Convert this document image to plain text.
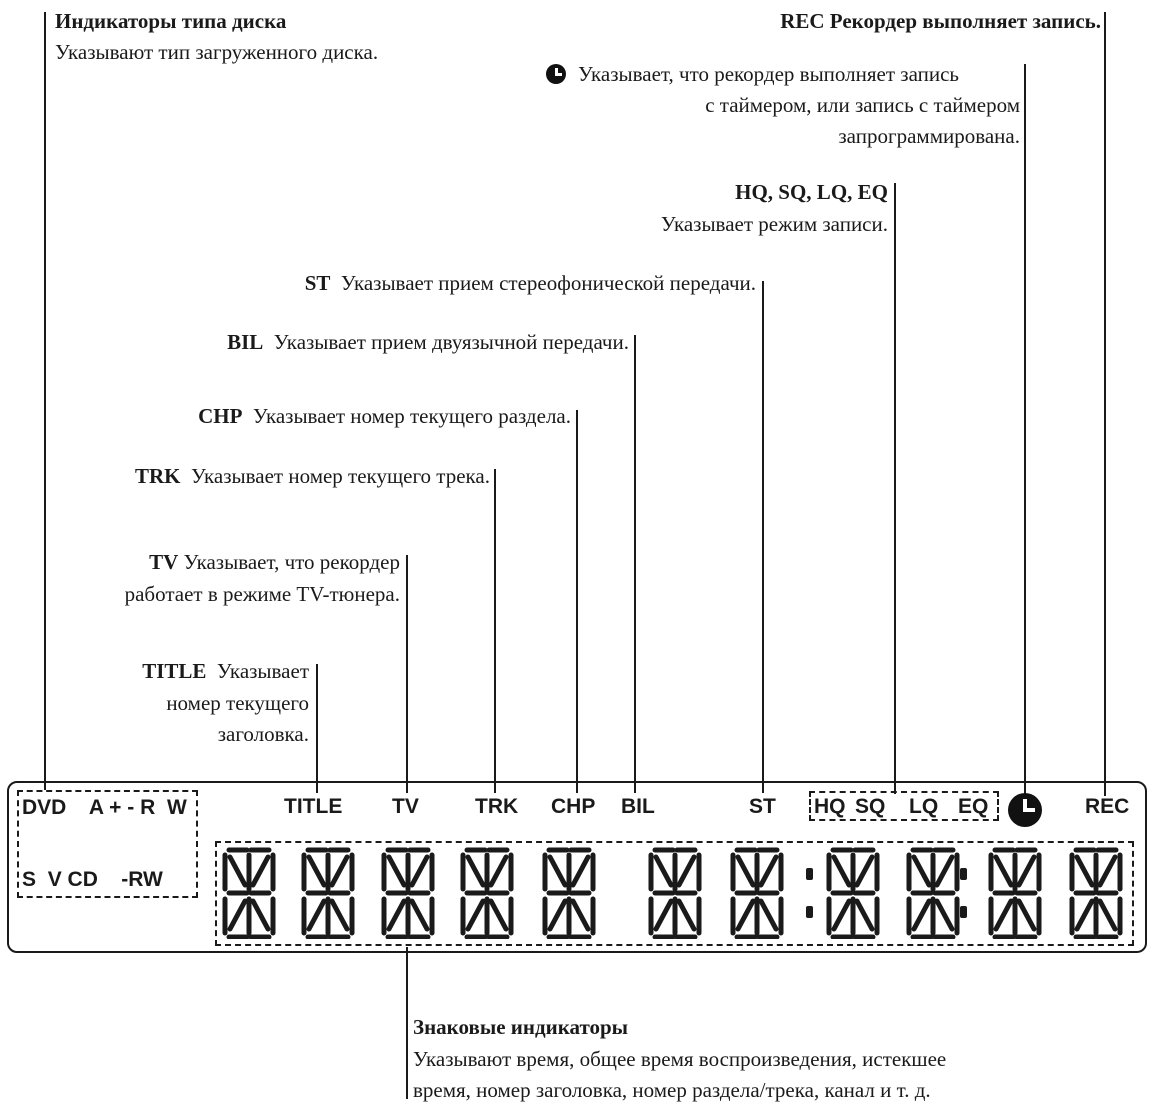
Индикаторы типа диска
Указывают тип загруженного диска.
REC Рекордер выполняет запись.
Указывает, что рекордер выполняет запись
с таймером, или запись с таймером
запрограммирована.
HQ, SQ, LQ, EQ
Указывает режим записи.
ST Указывает прием стереофонической передачи.
BIL Указывает прием двуязычной передачи.
CHP Указывает номер текущего раздела.
TRK Указывает номер текущего трека.
TV Указывает, что рекордер
работает в режиме TV-тюнера.
TITLE Указывает
номер текущего
заголовка.
Знаковые индикаторы
Указывают время, общее время воспроизведения, истекшее
время, номер заголовка, номер раздела/трека, канал и т. д.
DVD A + - R W
S V CD -RW
TITLE TV	TRK CHP BIL	ST HQ SQ LQ EQ	REC
